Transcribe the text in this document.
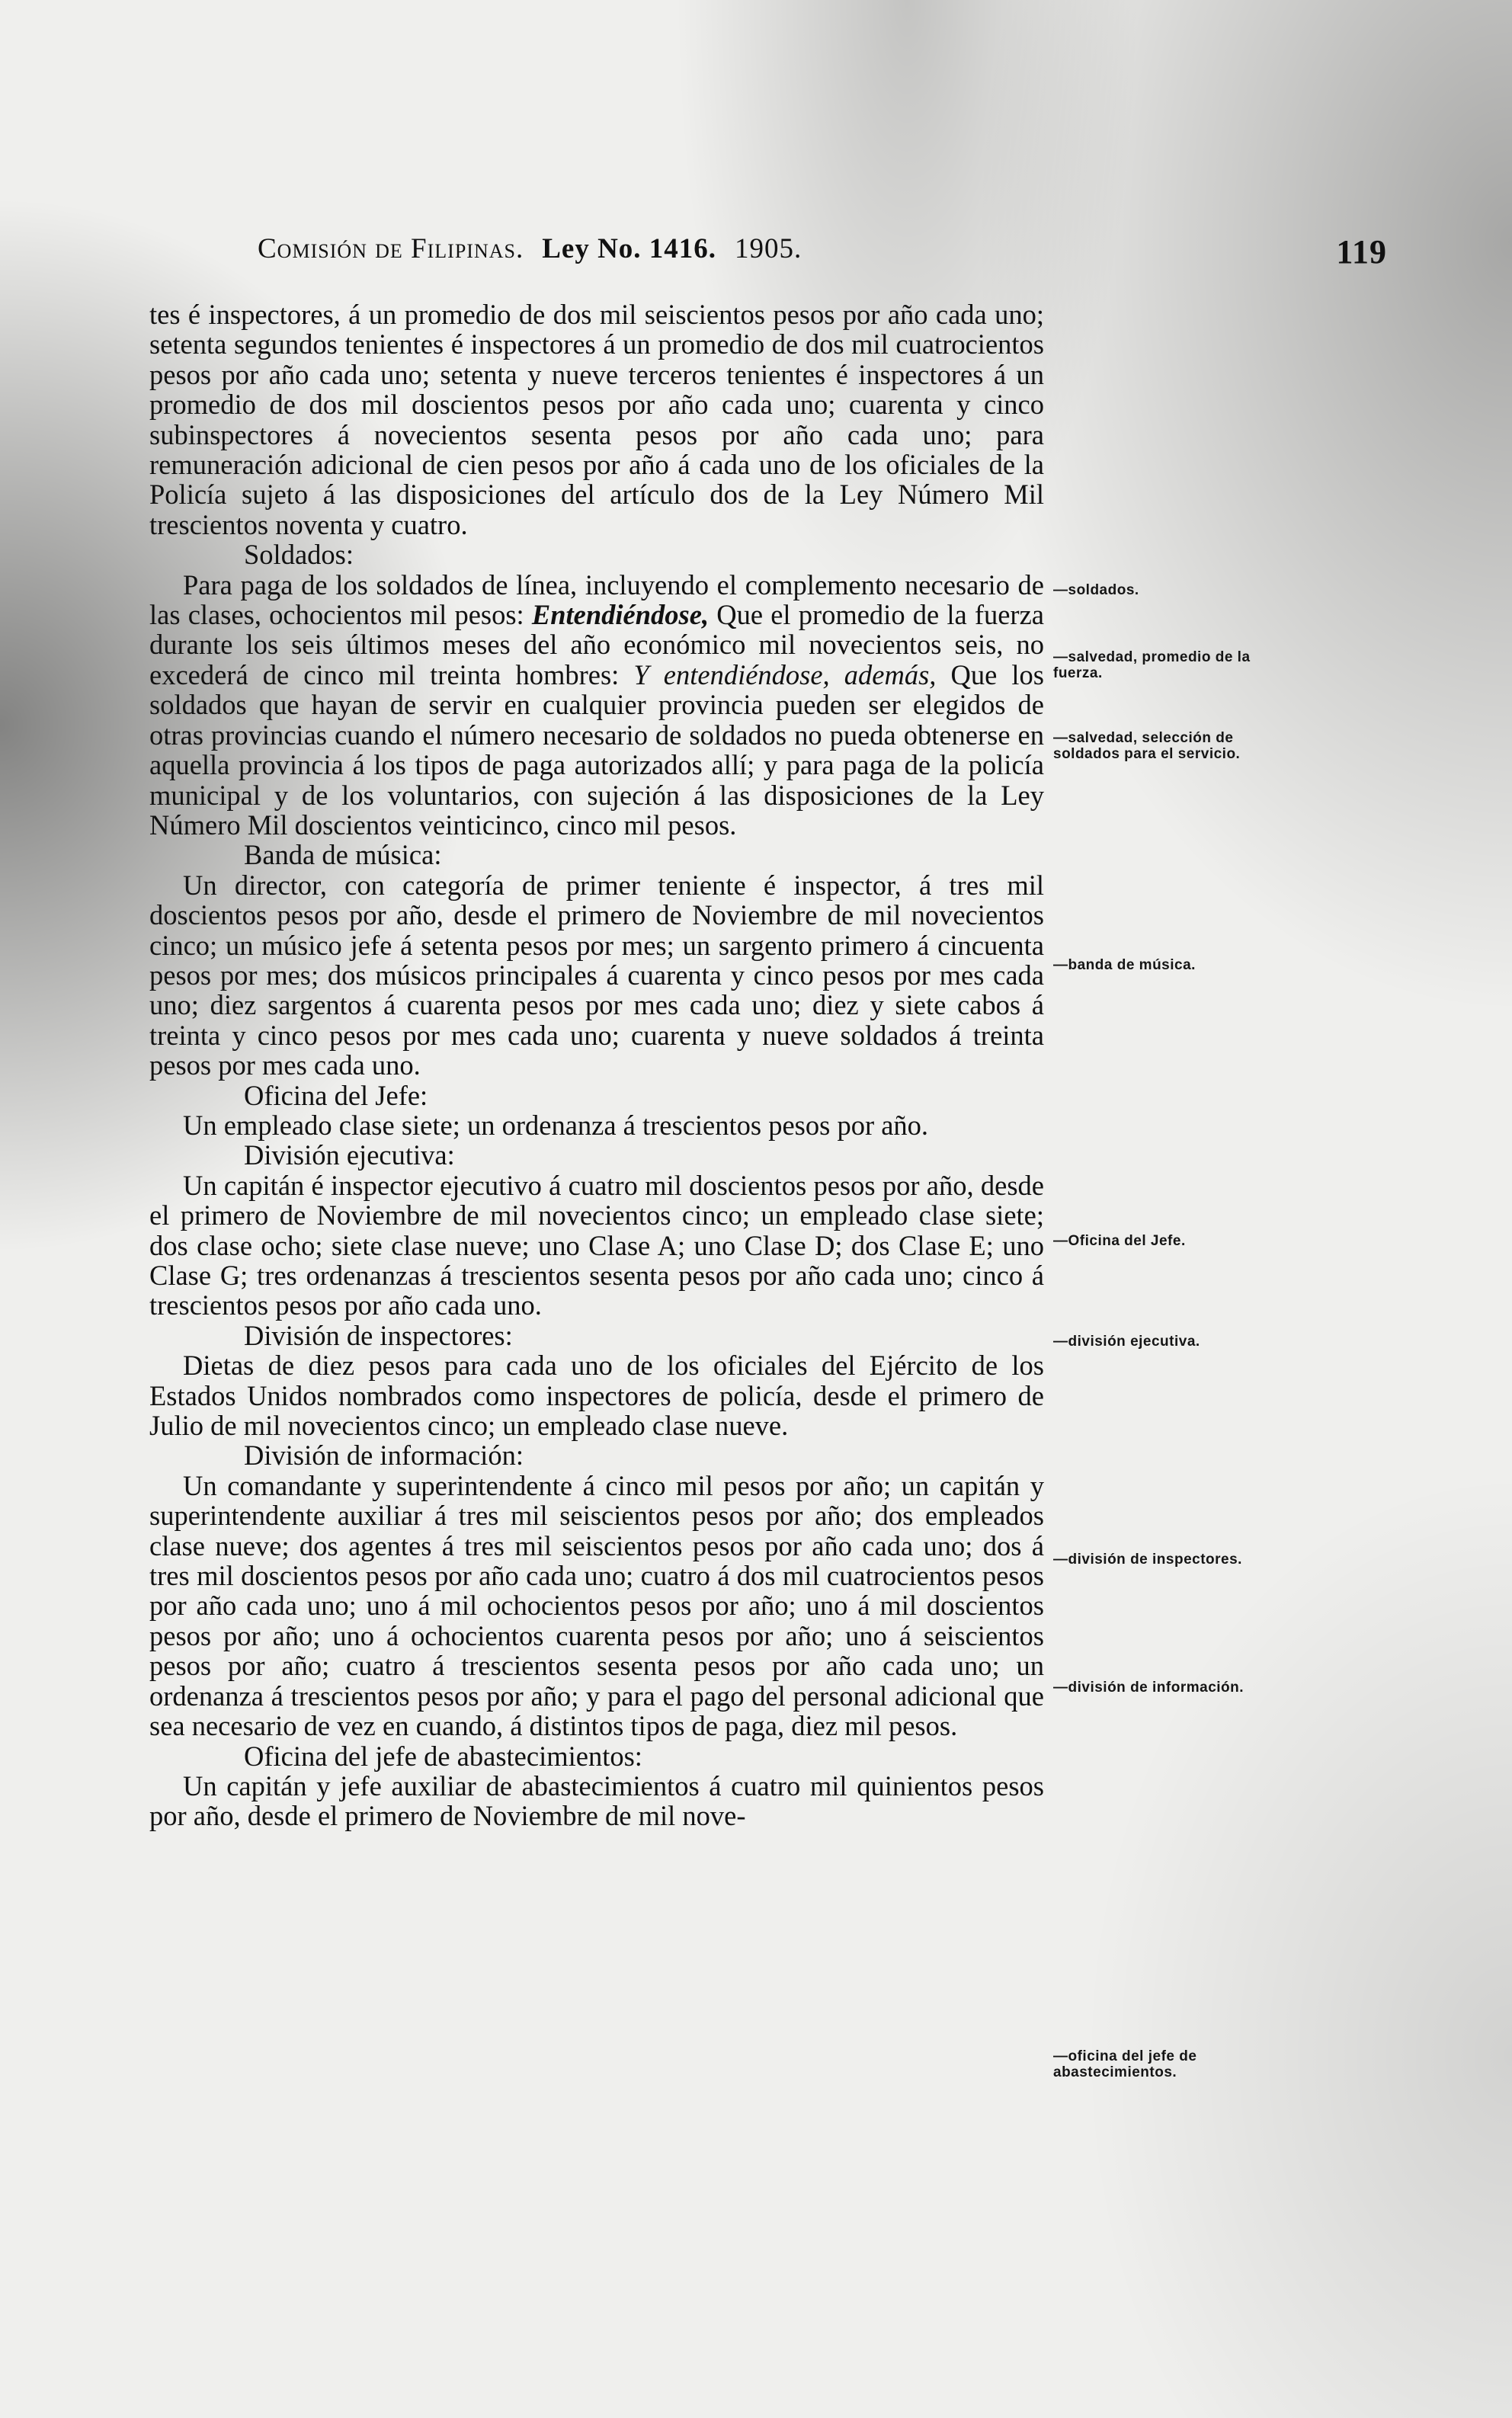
Comisión de Filipinas. Ley No. 1416. 1905.	119

tes é inspectores, á un promedio de dos mil seiscientos pesos por año cada uno; setenta segundos tenientes é inspectores á un promedio de dos mil cuatrocientos pesos por año cada uno; setenta y nueve terceros tenientes é inspectores á un promedio de dos mil doscientos pesos por año cada uno; cuarenta y cinco subinspectores á novecientos sesenta pesos por año cada uno; para remuneración adicional de cien pesos por año á cada uno de los oficiales de la Policía sujeto á las disposiciones del artículo dos de la Ley Número Mil trescientos noventa y cuatro.

Soldados:

Para paga de los soldados de línea, incluyendo el complemento necesario de las clases, ochocientos mil pesos: Entendiéndose, Que el promedio de la fuerza durante los seis últimos meses del año económico mil novecientos seis, no excederá de cinco mil treinta hombres: Y entendiéndose, además, Que los soldados que hayan de servir en cualquier provincia pueden ser elegidos de otras provincias cuando el número necesario de soldados no pueda obtenerse en aquella provincia á los tipos de paga autorizados allí; y para paga de la policía municipal y de los voluntarios, con sujeción á las disposiciones de la Ley Número Mil doscientos veinticinco, cinco mil pesos.

Banda de música:

Un director, con categoría de primer teniente é inspector, á tres mil doscientos pesos por año, desde el primero de Noviembre de mil novecientos cinco; un músico jefe á setenta pesos por mes; un sargento primero á cincuenta pesos por mes; dos músicos principales á cuarenta y cinco pesos por mes cada uno; diez sargentos á cuarenta pesos por mes cada uno; diez y siete cabos á treinta y cinco pesos por mes cada uno; cuarenta y nueve soldados á treinta pesos por mes cada uno.

Oficina del Jefe:

Un empleado clase siete; un ordenanza á trescientos pesos por año.

División ejecutiva:

Un capitán é inspector ejecutivo á cuatro mil doscientos pesos por año, desde el primero de Noviembre de mil novecientos cinco; un empleado clase siete; dos clase ocho; siete clase nueve; uno Clase A; uno Clase D; dos Clase E; uno Clase G; tres ordenanzas á trescientos sesenta pesos por año cada uno; cinco á trescientos pesos por año cada uno.

División de inspectores:

Dietas de diez pesos para cada uno de los oficiales del Ejército de los Estados Unidos nombrados como inspectores de policía, desde el primero de Julio de mil novecientos cinco; un empleado clase nueve.

División de información:

Un comandante y superintendente á cinco mil pesos por año; un capitán y superintendente auxiliar á tres mil seiscientos pesos por año; dos empleados clase nueve; dos agentes á tres mil seiscientos pesos por año cada uno; dos á tres mil doscientos pesos por año cada uno; cuatro á dos mil cuatrocientos pesos por año cada uno; uno á mil ochocientos pesos por año; uno á mil doscientos pesos por año; uno á ochocientos cuarenta pesos por año; uno á seiscientos pesos por año; cuatro á trescientos sesenta pesos por año cada uno; un ordenanza á trescientos pesos por año; y para el pago del personal adicional que sea necesario de vez en cuando, á distintos tipos de paga, diez mil pesos.

Oficina del jefe de abastecimientos:

Un capitán y jefe auxiliar de abastecimientos á cuatro mil quinientos pesos por año, desde el primero de Noviembre de mil nove-

—soldados.
—salvedad, promedio de la fuerza.
—salvedad, selección de soldados para el servicio.
—banda de música.
—Oficina del Jefe.
—división ejecutiva.
—división de inspectores.
—división de información.
—oficina del jefe de abastecimientos.
